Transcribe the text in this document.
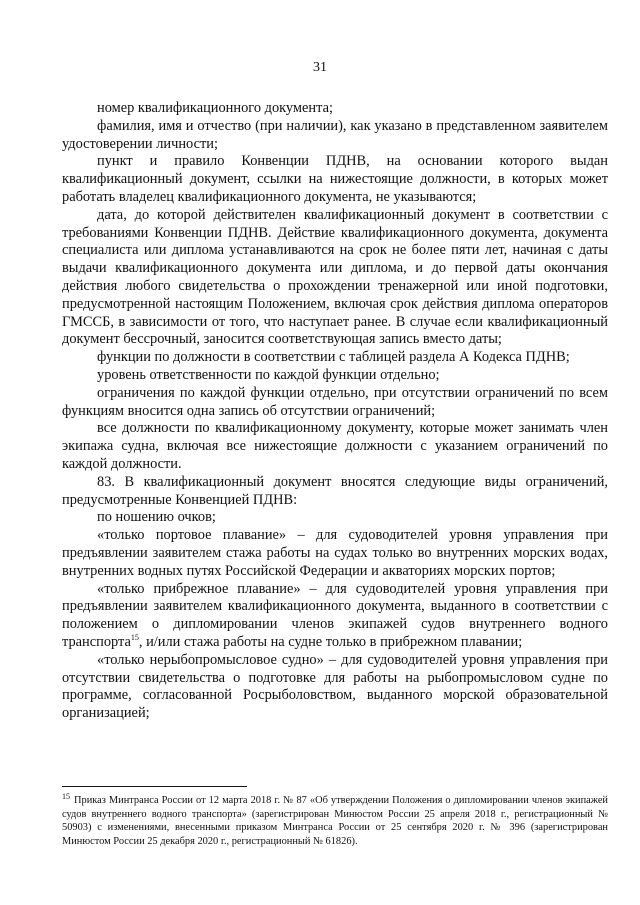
31

номер квалификационного документа;

фамилия, имя и отчество (при наличии), как указано в представленном заявителем удостоверении личности;

пункт и правило Конвенции ПДНВ, на основании которого выдан квалификационный документ, ссылки на нижестоящие должности, в которых может работать владелец квалификационного документа, не указываются;

дата, до которой действителен квалификационный документ в соответствии с требованиями Конвенции ПДНВ. Действие квалификационного документа, документа специалиста или диплома устанавливаются на срок не более пяти лет, начиная с даты выдачи квалификационного документа или диплома, и до первой даты окончания действия любого свидетельства о прохождении тренажерной или иной подготовки, предусмотренной настоящим Положением, включая срок действия диплома операторов ГМССБ, в зависимости от того, что наступает ранее. В случае если квалификационный документ бессрочный, заносится соответствующая запись вместо даты;

функции по должности в соответствии с таблицей раздела А Кодекса ПДНВ;

уровень ответственности по каждой функции отдельно;

ограничения по каждой функции отдельно, при отсутствии ограничений по всем функциям вносится одна запись об отсутствии ограничений;

все должности по квалификационному документу, которые может занимать член экипажа судна, включая все нижестоящие должности с указанием ограничений по каждой должности.

83. В квалификационный документ вносятся следующие виды ограничений, предусмотренные Конвенцией ПДНВ:

по ношению очков;

«только портовое плавание» – для судоводителей уровня управления при предъявлении заявителем стажа работы на судах только во внутренних морских водах, внутренних водных путях Российской Федерации и акваториях морских портов;

«только прибрежное плавание» – для судоводителей уровня управления при предъявлении заявителем квалификационного документа, выданного в соответствии с положением о дипломировании членов экипажей судов внутреннего водного транспорта$^{15}$, и/или стажа работы на судне только в прибрежном плавании;

«только нерыбопромысловое судно» – для судоводителей уровня управления при отсутствии свидетельства о подготовке для работы на рыбопромысловом судне по программе, согласованной Росрыболовством, выданного морской образовательной организацией;

$^{15}$ Приказ Минтранса России от 12 марта 2018 г. № 87 «Об утверждении Положения о дипломировании членов экипажей судов внутреннего водного транспорта» (зарегистрирован Минюстом России 25 апреля 2018 г., регистрационный № 50903) с изменениями, внесенными приказом Минтранса России от 25 сентября 2020 г. № 396 (зарегистрирован Минюстом России 25 декабря 2020 г., регистрационный № 61826).
